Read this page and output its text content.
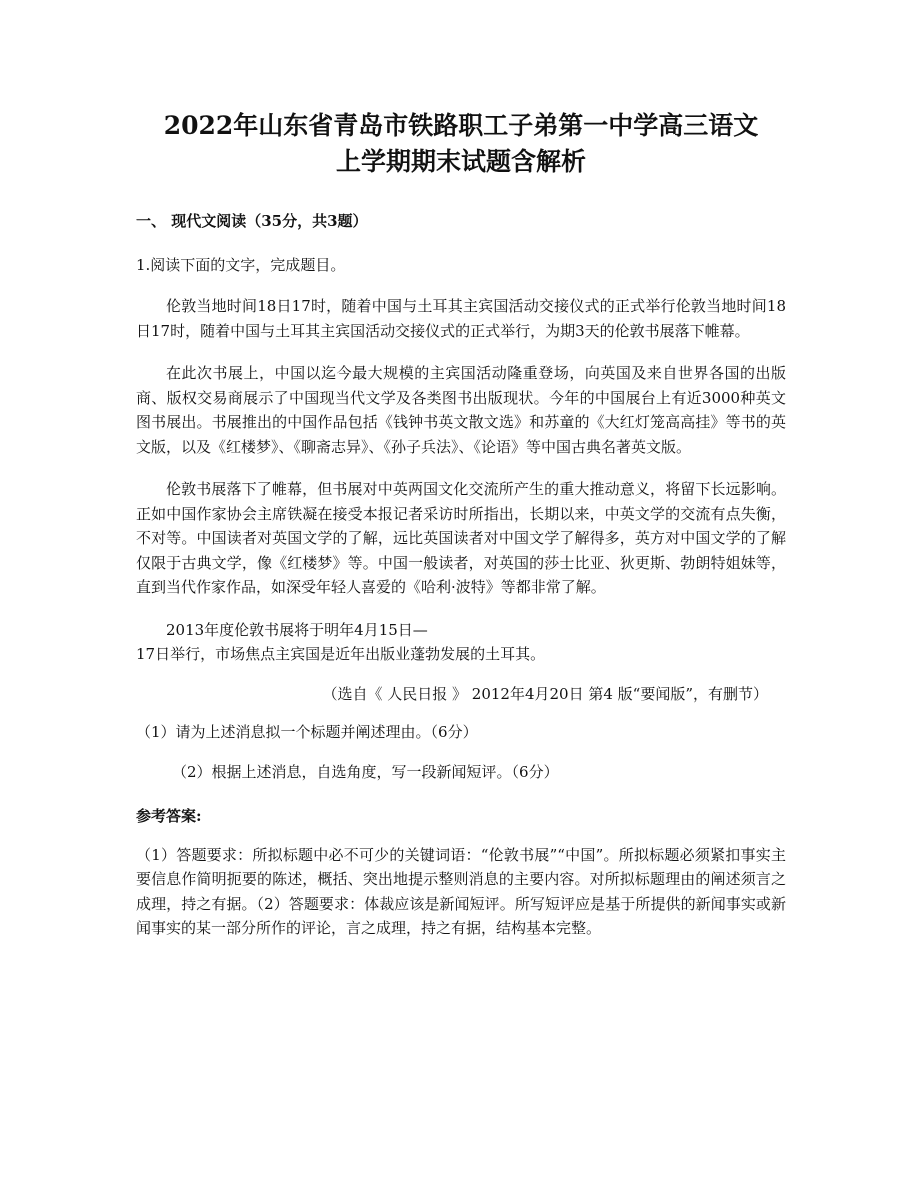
2022年山东省青岛市铁路职工子弟第一中学高三语文
上学期期末试题含解析

一、 现代文阅读（35分，共3题）

1.阅读下面的文字，完成题目。

伦敦当地时间18日17时，随着中国与土耳其主宾国活动交接仪式的正式举行伦敦当地时间18日17时，随着中国与土耳其主宾国活动交接仪式的正式举行，为期3天的伦敦书展落下帷幕。

在此次书展上，中国以迄今最大规模的主宾国活动隆重登场，向英国及来自世界各国的出版商、版权交易商展示了中国现当代文学及各类图书出版现状。今年的中国展台上有近3000种英文图书展出。书展推出的中国作品包括《钱钟书英文散文选》和苏童的《大红灯笼高高挂》等书的英文版，以及《红楼梦》、《聊斋志异》、《孙子兵法》、《论语》等中国古典名著英文版。

伦敦书展落下了帷幕，但书展对中英两国文化交流所产生的重大推动意义，将留下长远影响。正如中国作家协会主席铁凝在接受本报记者采访时所指出，长期以来，中英文学的交流有点失衡，不对等。中国读者对英国文学的了解，远比英国读者对中国文学了解得多，英方对中国文学的了解仅限于古典文学，像《红楼梦》等。中国一般读者，对英国的莎士比亚、狄更斯、勃朗特姐妹等，直到当代作家作品，如深受年轻人喜爱的《哈利·波特》等都非常了解。

2013年度伦敦书展将于明年4月15日—
17日举行，市场焦点主宾国是近年出版业蓬勃发展的土耳其。

（选自《 人民日报 》 2012年4月20日 第4 版“要闻版”，有删节）

（1）请为上述消息拟一个标题并阐述理由。（6分）

（2）根据上述消息，自选角度，写一段新闻短评。（6分）

参考答案:

（1）答题要求：所拟标题中必不可少的关键词语：“伦敦书展”“中国”。所拟标题必须紧扣事实主要信息作简明扼要的陈述，概括、突出地提示整则消息的主要内容。对所拟标题理由的阐述须言之成理，持之有据。（2）答题要求：体裁应该是新闻短评。所写短评应是基于所提供的新闻事实或新闻事实的某一部分所作的评论，言之成理，持之有据，结构基本完整。
